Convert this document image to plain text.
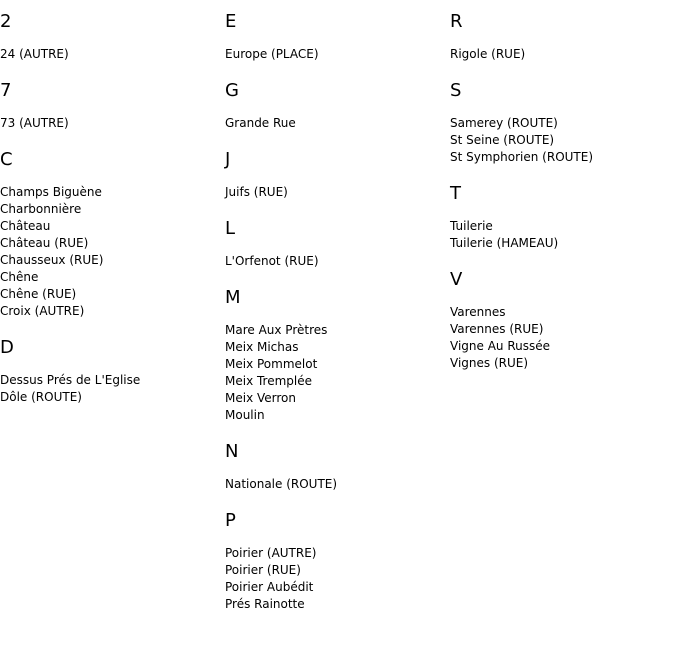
2
24 (AUTRE)
7
73 (AUTRE)
C
Champs Biguène
Charbonnière
Château
Château (RUE)
Chausseux (RUE)
Chêne
Chêne (RUE)
Croix (AUTRE)
D
Dessus Prés de L'Eglise
Dôle (ROUTE)
E
Europe (PLACE)
G
Grande Rue
J
Juifs (RUE)
L
L'Orfenot (RUE)
M
Mare Aux Prètres
Meix Michas
Meix Pommelot
Meix Tremplée
Meix Verron
Moulin
N
Nationale (ROUTE)
P
Poirier (AUTRE)
Poirier (RUE)
Poirier Aubédit
Prés Rainotte
R
Rigole (RUE)
S
Samerey (ROUTE)
St Seine (ROUTE)
St Symphorien (ROUTE)
T
Tuilerie
Tuilerie (HAMEAU)
V
Varennes
Varennes (RUE)
Vigne Au Russée
Vignes (RUE)
